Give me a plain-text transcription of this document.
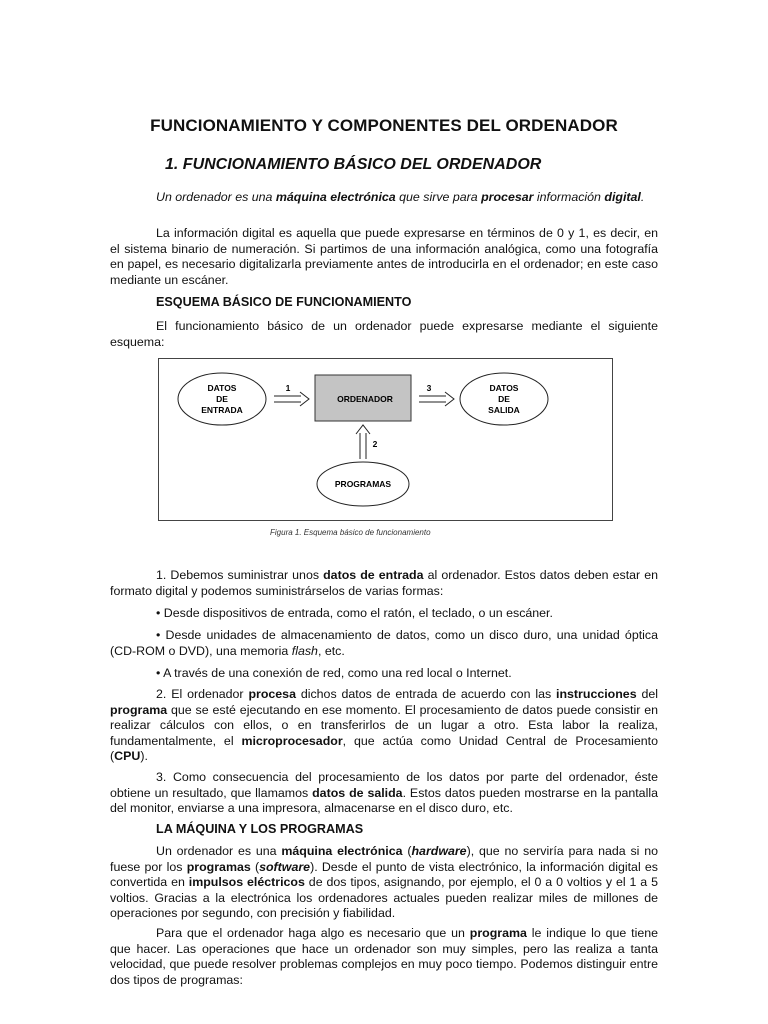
FUNCIONAMIENTO Y COMPONENTES DEL ORDENADOR
1. FUNCIONAMIENTO BÁSICO DEL ORDENADOR

Un ordenador es una máquina electrónica que sirve para procesar información digital.

La información digital es aquella que puede expresarse en términos de 0 y 1, es decir, en el sistema binario de numeración. Si partimos de una información analógica, como una fotografía en papel, es necesario digitalizarla previamente antes de introducirla en el ordenador; en este caso mediante un escáner.

ESQUEMA BÁSICO DE FUNCIONAMIENTO

El funcionamiento básico de un ordenador puede expresarse mediante el siguiente esquema:

DATOS
DE
ENTRADA
1
ORDENADOR
3	DATOS
DE
SALIDA
2
PROGRAMAS
Figura 1. Esquema básico de funcionamiento

1. Debemos suministrar unos datos de entrada al ordenador. Estos datos deben estar en formato digital y podemos suministrárselos de varias formas:

• Desde dispositivos de entrada, como el ratón, el teclado, o un escáner.

• Desde unidades de almacenamiento de datos, como un disco duro, una unidad óptica (CD-ROM o DVD), una memoria flash, etc.

• A través de una conexión de red, como una red local o Internet.

2. El ordenador procesa dichos datos de entrada de acuerdo con las instrucciones del programa que se esté ejecutando en ese momento. El procesamiento de datos puede consistir en realizar cálculos con ellos, o en transferirlos de un lugar a otro. Esta labor la realiza, fundamentalmente, el microprocesador, que actúa como Unidad Central de Procesamiento (CPU).

3. Como consecuencia del procesamiento de los datos por parte del ordenador, éste obtiene un resultado, que llamamos datos de salida. Estos datos pueden mostrarse en la pantalla del monitor, enviarse a una impresora, almacenarse en el disco duro, etc.

LA MÁQUINA Y LOS PROGRAMAS

Un ordenador es una máquina electrónica (hardware), que no serviría para nada si no fuese por los programas (software). Desde el punto de vista electrónico, la información digital es convertida en impulsos eléctricos de dos tipos, asignando, por ejemplo, el 0 a 0 voltios y el 1 a 5 voltios. Gracias a la electrónica los ordenadores actuales pueden realizar miles de millones de operaciones por segundo, con precisión y fiabilidad.

Para que el ordenador haga algo es necesario que un programa le indique lo que tiene que hacer. Las operaciones que hace un ordenador son muy simples, pero las realiza a tanta velocidad, que puede resolver problemas complejos en muy poco tiempo. Podemos distinguir entre dos tipos de programas:
